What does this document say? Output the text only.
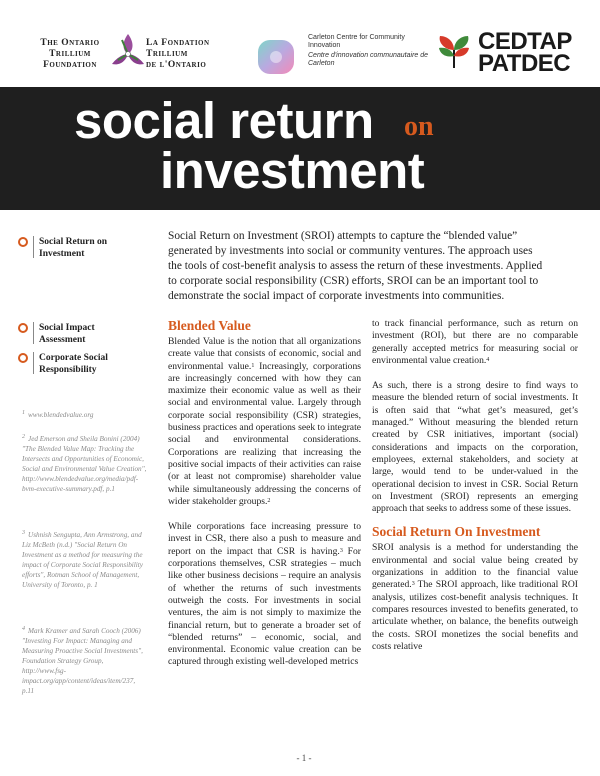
The Ontario
Trillium
Foundation
La Fondation
Trillium
de l'Ontario
Carleton Centre for Community Innovation
Centre d'innovation communautaire de Carleton
CEDTAP
PATDEC
social return on
investment
Social Return on Investment
Social Impact Assessment
Corporate Social Responsibility
$^1$ www.blendedvalue.org
$^2$ Jed Emerson and Sheila Bonini (2004) "The Blended Value Map: Tracking the Intersects and Opportunities of Economic, Social and Environmental Value Creation", http://www.blendedvalue.org/media/pdf-bvm-executive-summary.pdf, p.1
$^3$ Ushnish Sengupta, Ann Armstrong, and Liz McBeth (n.d.) "Social Return On Investment as a method for measuring the impact of Corporate Social Responsibility efforts", Rotman School of Management, University of Toronto, p. 1
$^4$ Mark Kramer and Sarah Cooch (2006) "Investing For Impact: Managing and Measuring Proactive Social Investments", Foundation Strategy Group, http://www.fsg-impact.org/app/content/ideas/item/237, p.11
Social Return on Investment (SROI) attempts to capture the “blended value”
generated by investments into social or community ventures. The approach uses
the tools of cost-benefit analysis to assess the return of these investments. Applied
to corporate social responsibility (CSR) efforts, SROI can be an important tool to
demonstrate the social impact of corporate investments into communities.
Blended Value

Blended Value is the notion that all organizations create value that consists of economic, social and environmental value.$^1$ Increasingly, corporations are increasingly concerned with how they can maximize their economic value as well as their social and environmental value. Largely through corporate social responsibility (CSR) strategies, business practices and operations seek to integrate social and environmental considerations. Corporations are realizing that increasing the positive social impacts of their activities can raise (or at least not compromise) shareholder value while simultaneously addressing the concerns of wider stakeholder groups.$^2$

While corporations face increasing pressure to invest in CSR, there also a push to measure and report on the impact that CSR is having.$^3$ For corporations themselves, CSR strategies – much like other business decisions – require an analysis of whether the returns of such investments outweigh the costs. For investments in social ventures, the aim is not simply to maximize the financial return, but to generate a broader set of “blended returns” – economic, social, and environmental. Economic value creation can be captured through existing well-developed metrics

to track financial performance, such as return on investment (ROI), but there are no comparable generally accepted metrics for measuring social or environmental value creation.$^4$

As such, there is a strong desire to find ways to measure the blended return of social investments. It is often said that “what get’s measured, get’s managed.” Without measuring the blended return created by CSR initiatives, important (social) considerations and impacts on the corporation, employees, external stakeholders, and society at large, would tend to be under-valued in the operational decision to invest in CSR. Social Return on Investment (SROI) represents an emerging approach that seeks to address some of these issues.

Social Return On Investment

SROI analysis is a method for understanding the environmental and social value being created by organizations in addition to the financial value generated.$^3$ The SROI approach, like traditional ROI analysis, utilizes cost-benefit analysis techniques. It compares resources invested to benefits generated, to articulate whether, on balance, the benefits outweigh the costs. SROI monetizes the social benefits and costs relative

- 1 -
